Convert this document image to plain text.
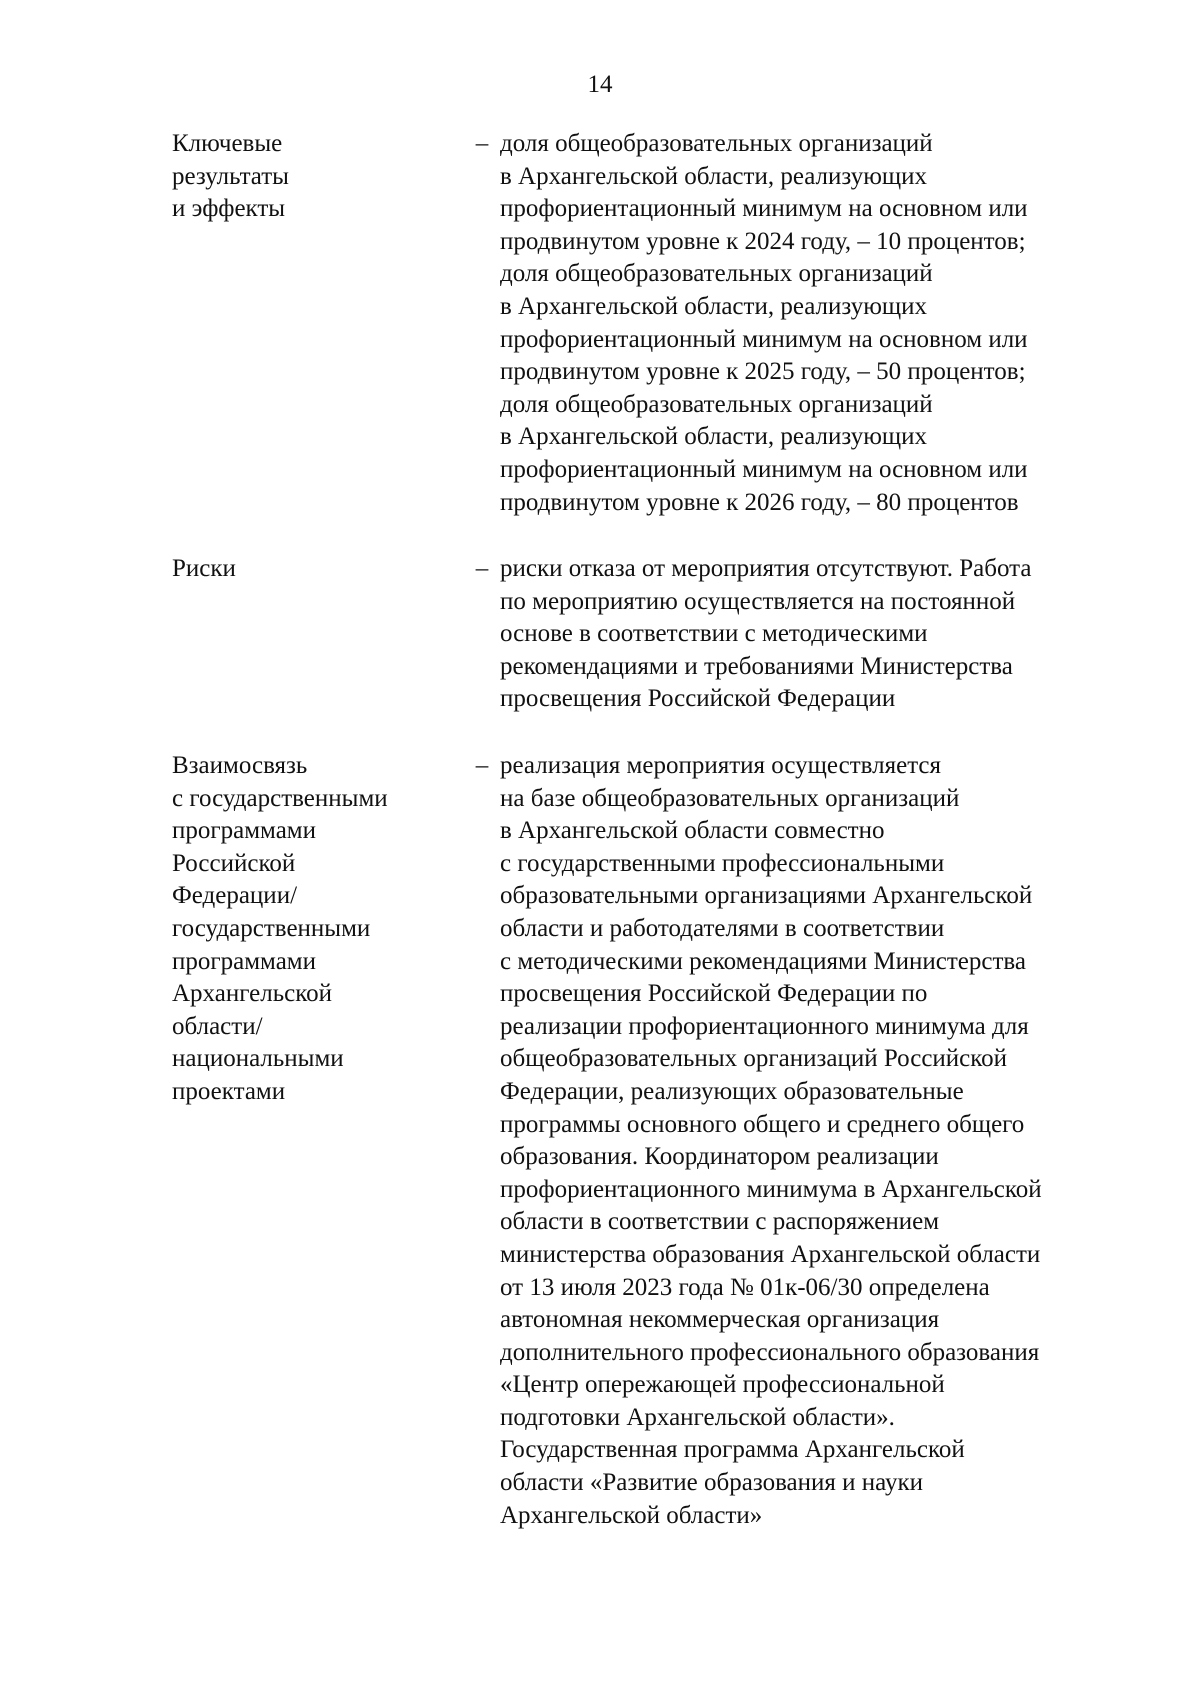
14
Ключевые
результаты
и эффекты
– доля общеобразовательных организаций
в Архангельской области, реализующих
профориентационный минимум на основном или
продвинутом уровне к 2024 году, – 10 процентов;
доля общеобразовательных организаций
в Архангельской области, реализующих
профориентационный минимум на основном или
продвинутом уровне к 2025 году, – 50 процентов;
доля общеобразовательных организаций
в Архангельской области, реализующих
профориентационный минимум на основном или
продвинутом уровне к 2026 году, – 80 процентов
Риски	– риски отказа от мероприятия отсутствуют. Работа
по мероприятию осуществляется на постоянной
основе в соответствии с методическими
рекомендациями и требованиями Министерства
просвещения Российской Федерации
Взаимосвязь
с государственными
программами
Российской
Федерации/
государственными
программами
Архангельской
области/
национальными
проектами
– реализация мероприятия осуществляется
на базе общеобразовательных организаций
в Архангельской области совместно
с государственными профессиональными
образовательными организациями Архангельской
области и работодателями в соответствии
с методическими рекомендациями Министерства
просвещения Российской Федерации по
реализации профориентационного минимума для
общеобразовательных организаций Российской
Федерации, реализующих образовательные
программы основного общего и среднего общего
образования. Координатором реализации
профориентационного минимума в Архангельской
области в соответствии с распоряжением
министерства образования Архангельской области
от 13 июля 2023 года № 01к-06/30 определена
автономная некоммерческая организация
дополнительного профессионального образования
«Центр опережающей профессиональной
подготовки Архангельской области».
Государственная программа Архангельской
области «Развитие образования и науки
Архангельской области»
